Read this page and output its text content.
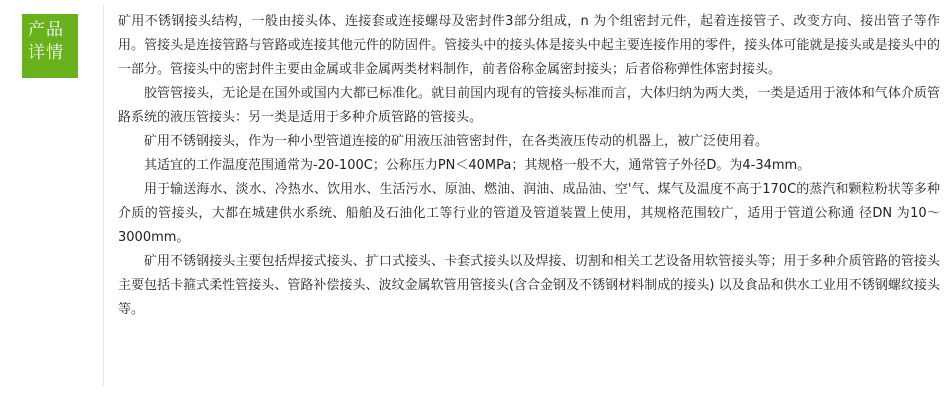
产品
详情

矿用不锈钢接头结构，一般由接头体、连接套或连接螺母及密封件3部分组成，n 为个组密封元件，起着连接管子、改变方向、接出管子等作用。管接头是连接管路与管路或连接其他元件的防固件。管接头中的接头体是接头中起主要连接作用的零件，接头体可能就是接头或是接头中的一部分。管接头中的密封件主要由金属或非金属两类材料制作，前者俗称金属密封接头；后者俗称弹性体密封接头。

胶管管接头，无论是在国外或国内大都已标准化。就目前国内现有的管接头标准而言，大体归纳为两大类，一类是适用于液体和气体介质管路系统的液压管接头：另一类是适用于多种介质管路的管接头。

矿用不锈钢接头，作为一种小型管道连接的矿用液压油管密封件，在各类液压传动的机器上，被广泛使用着。

其适宜的工作温度范围通常为-20-100C；公称压力PN＜40MPa；其规格一般不大，通常管子外径D。为4-34mm。

用于输送海水、淡水、冷热水、饮用水、生活污水、原油、燃油、润油、成品油、空'气、煤气及温度不高于170C的蒸汽和颗粒粉状等多种介质的管接头，大都在城建供水系统、船舶及石油化工等行业的管道及管道装置上使用，其规格范围较广，适用于管道公称通 径DN 为10～ 3000mm。

矿用不锈钢接头主要包括焊接式接头、扩口式接头、卡套式接头以及焊接、切割和相关工艺设备用软管接头等；用于多种介质管路的管接头主要包括卡箍式柔性管接头、管路补偿接头、波纹金属软管用管接头(含合金钢及不锈钢材料制成的接头) 以及食品和供水工业用不锈钢螺纹接头等。
